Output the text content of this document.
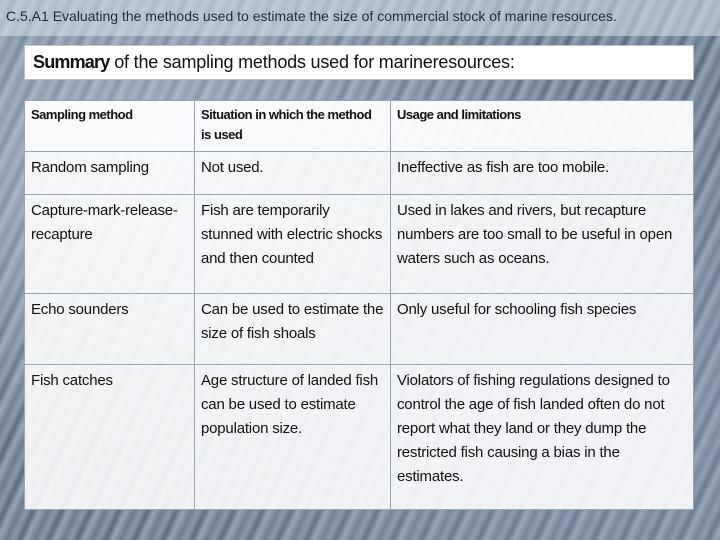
C.5.A1 Evaluating the methods used to estimate the size of commercial stock of marine resources.
Summary of the sampling methods used for marineresources:
Sampling method	Situation in which the method is used	Usage and limitations
Random sampling	Not used.	Ineffective as fish are too mobile.
Capture-mark-release-recapture	Fish are temporarily stunned with electric shocks and then counted	Used in lakes and rivers, but recapture numbers are too small to be useful in open waters such as oceans.
Echo sounders	Can be used to estimate the size of fish shoals	Only useful for schooling fish species
Fish catches	Age structure of landed fish can be used to estimate population size.	Violators of fishing regulations designed to control the age of fish landed often do not report what they land or they dump the restricted fish causing a bias in the estimates.
